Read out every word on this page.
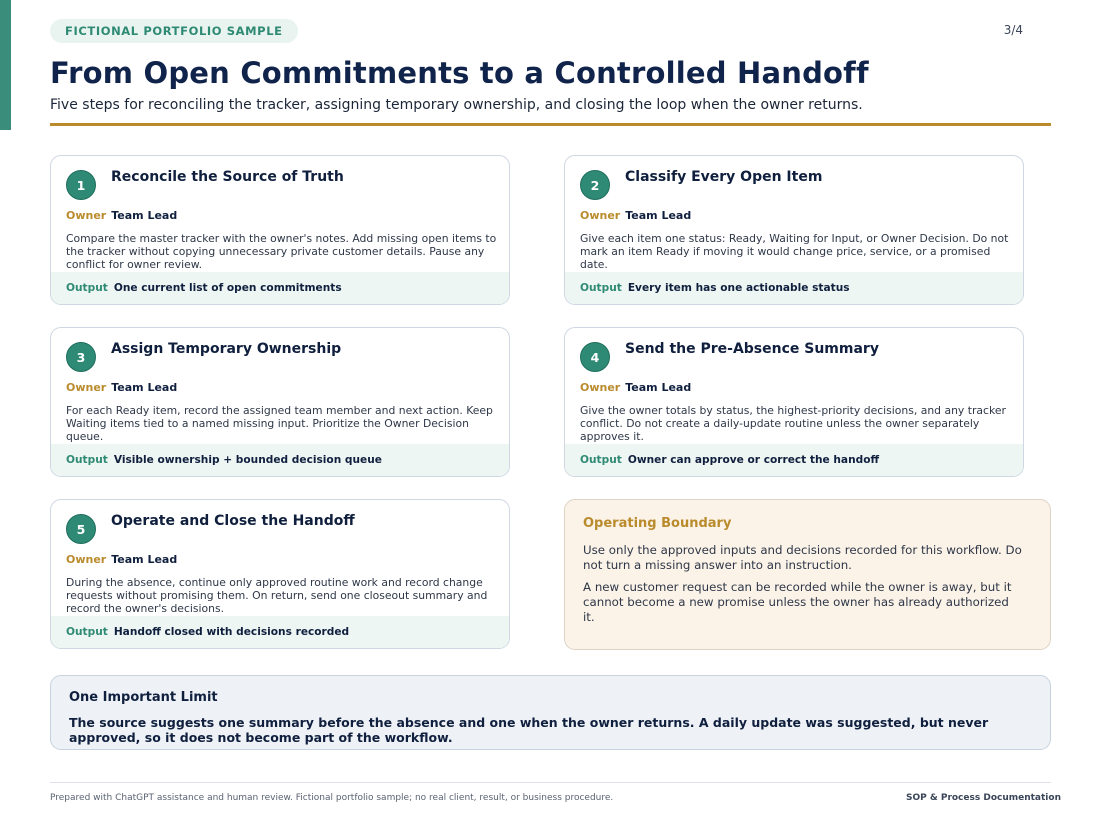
FICTIONAL PORTFOLIO SAMPLE	3/4
From Open Commitments to a Controlled Handoff
Five steps for reconciling the tracker, assigning temporary ownership, and closing the loop when the owner returns.
1	Reconcile the Source of Truth
Owner Team Lead
Compare the master tracker with the owner's notes. Add missing open items to the tracker without copying unnecessary private customer details. Pause any conflict for owner review.
Output One current list of open commitments
2	Classify Every Open Item
Owner Team Lead
Give each item one status: Ready, Waiting for Input, or Owner Decision. Do not mark an item Ready if moving it would change price, service, or a promised date.
Output Every item has one actionable status
3	Assign Temporary Ownership
Owner Team Lead
For each Ready item, record the assigned team member and next action. Keep Waiting items tied to a named missing input. Prioritize the Owner Decision queue.
Output Visible ownership + bounded decision queue
4	Send the Pre-Absence Summary
Owner Team Lead
Give the owner totals by status, the highest-priority decisions, and any tracker conflict. Do not create a daily-update routine unless the owner separately approves it.
Output Owner can approve or correct the handoff
5	Operate and Close the Handoff
Owner Team Lead
During the absence, continue only approved routine work and record change requests without promising them. On return, send one closeout summary and record the owner's decisions.
Output Handoff closed with decisions recorded
Operating Boundary

Use only the approved inputs and decisions recorded for this workflow. Do not turn a missing answer into an instruction.

A new customer request can be recorded while the owner is away, but it cannot become a new promise unless the owner has already authorized it.

One Important Limit
The source suggests one summary before the absence and one when the owner returns. A daily update was suggested, but never approved, so it does not become part of the workflow.
Prepared with ChatGPT assistance and human review. Fictional portfolio sample; no real client, result, or business procedure.	SOP & Process Documentation
